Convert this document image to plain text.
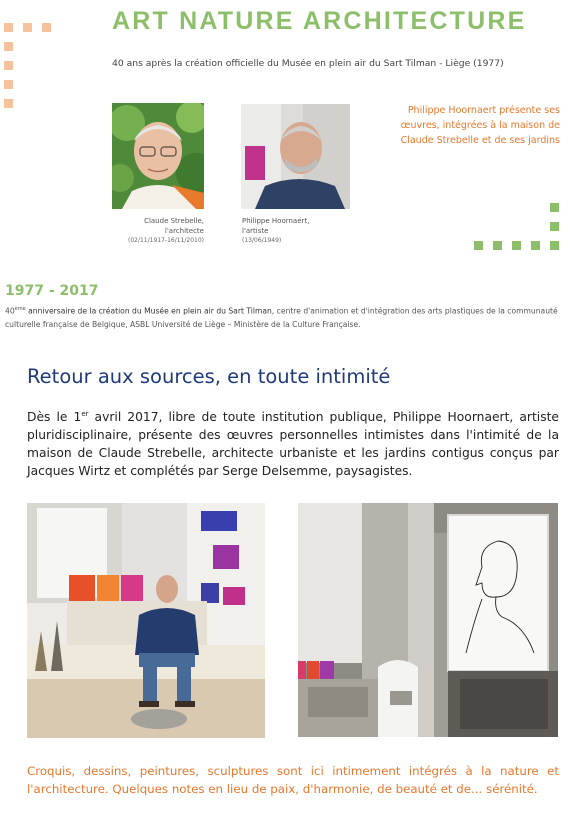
ART NATURE ARCHITECTURE
40 ans après la création officielle du Musée en plein air du Sart Tilman - Liège (1977)
Claude Strebelle,
l'architecte
(02/11/1917-16/11/2010)
Philippe Hoornaert,
l'artiste
(13/06/1949)
Philippe Hoornaert présente ses
œuvres, intégrées à la maison de
Claude Strebelle et de ses jardins
1977 - 2017
40ème anniversaire de la création du Musée en plein air du Sart Tilman, centre d'animation et d'intégration des arts plastiques de la communauté culturelle française de Belgique, ASBL Université de Liège – Ministère de la Culture Française.
Retour aux sources, en toute intimité
Dès le 1er avril 2017, libre de toute institution publique, Philippe Hoornaert, artiste pluridisciplinaire, présente des œuvres personnelles intimistes dans l'intimité de la maison de Claude Strebelle, architecte urbaniste et les jardins contigus conçus par Jacques Wirtz et complétés par Serge Delsemme, paysagistes.
Croquis, dessins, peintures, sculptures sont ici intimement intégrés à la nature et l'architecture. Quelques notes en lieu de paix, d'harmonie, de beauté et de... sérénité.
